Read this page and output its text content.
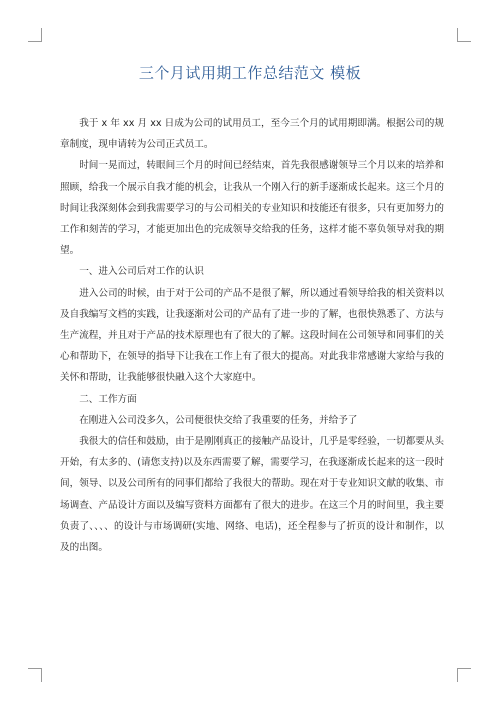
三个月试用期工作总结范文 模板

我于 x 年 xx 月 xx 日成为公司的试用员工，至今三个月的试用期即满。根据公司的规章制度，现申请转为公司正式员工。

时间一晃而过，转眼间三个月的时间已经结束，首先我很感谢领导三个月以来的培养和照顾，给我一个展示自我才能的机会，让我从一个刚入行的新手逐渐成长起来。这三个月的时间让我深刻体会到我需要学习的与公司相关的专业知识和技能还有很多，只有更加努力的工作和刻苦的学习，才能更加出色的完成领导交给我的任务，这样才能不辜负领导对我的期望。

一、进入公司后对工作的认识

进入公司的时候，由于对于公司的产品不是很了解，所以通过看领导给我的相关资料以及自我编写文档的实践，让我逐渐对公司的产品有了进一步的了解，也很快熟悉了、方法与生产流程，并且对于产品的技术原理也有了很大的了解。这段时间在公司领导和同事们的关心和帮助下，在领导的指导下让我在工作上有了很大的提高。对此我非常感谢大家给与我的关怀和帮助，让我能够很快融入这个大家庭中。

二、工作方面

在刚进入公司没多久，公司便很快交给了我重要的任务，并给予了

我很大的信任和鼓励，由于是刚刚真正的接触产品设计，几乎是零经验，一切都要从头开始，有太多的、(请您支持)以及东西需要了解，需要学习，在我逐渐成长起来的这一段时间，领导、以及公司所有的同事们都给了我很大的帮助。现在对于专业知识文献的收集、市场调查、产品设计方面以及编写资料方面都有了很大的进步。在这三个月的时间里，我主要负责了、、、、的设计与市场调研(实地、网络、电话)，还全程参与了折页的设计和制作，以及的出图。
